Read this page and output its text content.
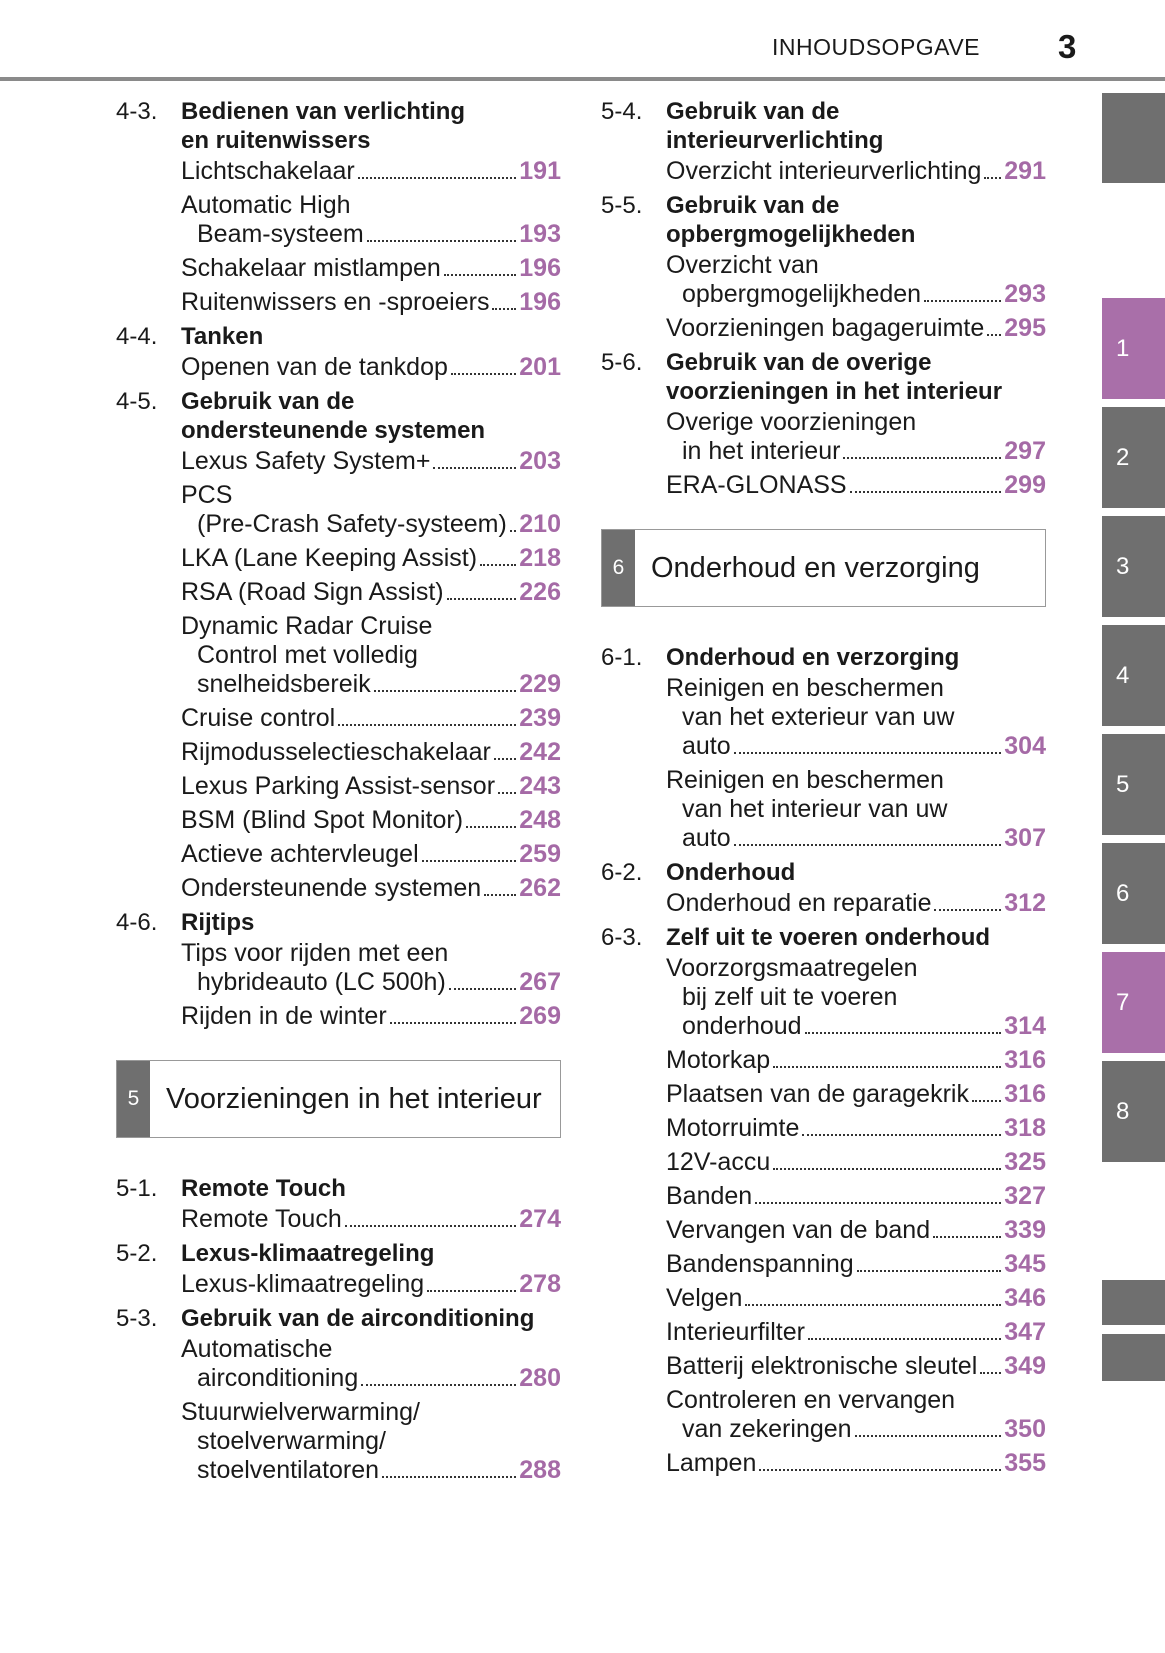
INHOUDSOPGAVE 3
4-3. Bedienen van verlichting
en ruitenwissers
Lichtschakelaar	191
Automatic High
Beam-systeem	193
Schakelaar mistlampen	196
Ruitenwissers en -sproeiers 196
4-4. Tanken
Openen van de tankdop	201
4-5. Gebruik van de
ondersteunende systemen
Lexus Safety System+	203
PCS
(Pre-Crash Safety-systeem) 210
LKA (Lane Keeping Assist) 218
RSA (Road Sign Assist)	226
Dynamic Radar Cruise
Control met volledig
snelheidsbereik	229
Cruise control	239
Rijmodusselectieschakelaar 242
Lexus Parking Assist-sensor 243
BSM (Blind Spot Monitor) 248
Actieve achtervleugel	259
Ondersteunende systemen 262
4-6. Rijtips
Tips voor rijden met een
hybrideauto (LC 500h)	267
Rijden in de winter	269
5 Voorzieningen in het interieur
5-1. Remote Touch
Remote Touch	274
5-2. Lexus-klimaatregeling
Lexus-klimaatregeling	278
5-3. Gebruik van de airconditioning
Automatische
airconditioning	280
Stuurwielverwarming/
stoelverwarming/
stoelventilatoren	288
5-4. Gebruik van de
interieurverlichting
Overzicht interieurverlichting 291
5-5. Gebruik van de
opbergmogelijkheden
Overzicht van
opbergmogelijkheden	293
Voorzieningen bagageruimte 295
5-6. Gebruik van de overige
voorzieningen in het interieur
Overige voorzieningen
in het interieur	297
ERA-GLONASS	299
6 Onderhoud en verzorging
6-1. Onderhoud en verzorging
Reinigen en beschermen
van het exterieur van uw
auto	304
Reinigen en beschermen
van het interieur van uw
auto	307
6-2. Onderhoud
Onderhoud en reparatie	312
6-3. Zelf uit te voeren onderhoud
Voorzorgsmaatregelen
bij zelf uit te voeren
onderhoud	314
Motorkap	316
Plaatsen van de garagekrik 316
Motorruimte	318
12V-accu	325
Banden	327
Vervangen van de band	339
Bandenspanning	345
Velgen	346
Interieurfilter	347
Batterij elektronische sleutel 349
Controleren en vervangen
van zekeringen	350
Lampen	355
1
2
3
4
5
6
7
8
